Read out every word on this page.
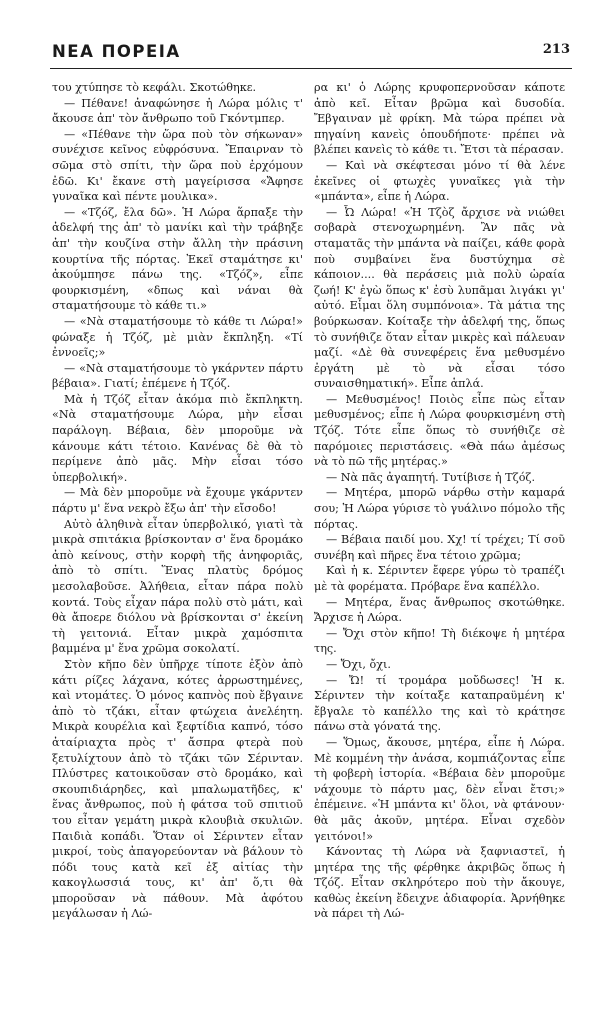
ΝΕΑ ΠΟΡΕΙΑ	213

του χτύπησε τὸ κεφάλι. Σκοτώθηκε.

— Πέθανε! ἀναφώνησε ἡ Λώρα μόλις τ' ἄκουσε ἀπ' τὸν ἄνθρωπο τοῦ Γκόντμπερ.

— «Πέθανε τὴν ὥρα ποὺ τὸν σήκωναν» συνέχισε κεῖνος εὐφρόσυνα. Ἔπαιρναν τὸ σῶμα στὸ σπίτι, τὴν ὥρα ποὺ ἐρχόμουν ἐδῶ. Κι' ἔκανε στὴ μαγείρισσα «Ἄφησε γυναῖκα καὶ πέντε μουλικα».

— «Τζόζ, ἔλα δῶ». Ἡ Λώρα ἅρπαξε τὴν ἀδελφή της ἀπ' τὸ μανίκι καὶ τὴν τράβηξε ἀπ' τὴν κουζίνα στὴν ἄλλη τὴν πράσινη κουρτίνα τῆς πόρτας. Ἐκεῖ σταμάτησε κι' ἀκούμπησε πάνω της. «Τζόζ», εἶπε φουρκισμένη, «δπως καὶ νάναι θὰ σταματήσουμε τὸ κάθε τι.»

— «Νὰ σταματήσουμε τὸ κάθε τι Λώρα!» φώναξε ἡ Τζόζ, μὲ μιὰν ἔκπληξη. «Τί ἐννοεῖς;»

— «Νὰ σταματήσουμε τὸ γκάρντεν πάρτυ βέβαια». Γιατί; ἐπέμενε ἡ Τζόζ.

Μὰ ἡ Τζόζ εἶταν ἀκόμα πιὸ ἔκπληκτη. «Νὰ σταματήσουμε Λώρα, μὴν εἶσαι παράλογη. Βέβαια, δὲν μποροῦμε νὰ κάνουμε κάτι τέτοιο. Κανένας δὲ θὰ τὸ περίμενε ἀπὸ μᾶς. Μὴν εἶσαι τόσο ὑπερβολική».

— Μὰ δὲν μποροῦμε νὰ ἔχουμε γκάρντεν πάρτυ μ' ἕνα νεκρὸ ἔξω ἀπ' τὴν εἴσοδο!

Αὐτὸ ἀληθινὰ εἶταν ὑπερβολικό, γιατὶ τὰ μικρὰ σπιτάκια βρίσκονταν σ' ἕνα δρομάκο ἀπὸ κείνους, στὴν κορφὴ τῆς ἀνηφοριᾶς, ἀπὸ τὸ σπίτι. Ἕνας πλατὺς δρόμος μεσολαβοῦσε. Ἀλήθεια, εἶταν πάρα πολὺ κοντά. Τοὺς εἶχαν πάρα πολὺ στὸ μάτι, καὶ θὰ ἄποερε διόλου νὰ βρίσκονται σ' ἐκείνη τὴ γειτονιά. Εἶταν μικρὰ χαμόσπιτα βαμμένα μ' ἕνα χρῶμα σοκολατί.

Στὸν κῆπο δὲν ὑπῆρχε τίποτε ἐξὸν ἀπὸ κάτι ρίζες λάχανα, κότες ἀρρωστημένες, καὶ ντομάτες. Ὁ μόνος καπνὸς ποὺ ἔβγαινε ἀπὸ τὸ τζάκι, εἶταν φτώχεια ἀνελέητη. Μικρὰ κουρέλια καὶ ξεφτίδια καπνό, τόσο ἀταίριαχτα πρὸς τ' ἄσπρα φτερὰ ποὺ ξετυλίχτουν ἀπὸ τὸ τζάκι τῶν Σέρινταν. Πλύστρες κατοικοῦσαν στὸ δρομάκο, καὶ σκουπιδιάρηδες, καὶ μπαλωματῆδες, κ' ἕνας ἄνθρωπος, ποὺ ἡ φάτσα τοῦ σπιτιοῦ του εἶταν γεμάτη μικρὰ κλουβιὰ σκυλιῶν. Παιδιὰ κοπάδι. Ὅταν οἱ Σέριντεν εἶταν μικροί, τοὺς ἀπαγορεύονταν νὰ βάλουν τὸ πόδι τους κατὰ κεῖ ἐξ αἰτίας τὴν κακογλωσσιά τους, κι' ἀπ' ὅ,τι θὰ μποροῦσαν νὰ πάθουν. Μὰ ἀφότου μεγάλωσαν ἡ Λώ-

ρα κι' ὁ Λώρης κρυφοπερνοῦσαν κάποτε ἀπὸ κεῖ. Εἶταν βρῶμα καὶ δυσοδία. Ἔβγαιναν μὲ φρίκη. Μὰ τώρα πρέπει νὰ πηγαίνη κανεὶς ὁπουδήποτε· πρέπει νὰ βλέπει κανεὶς τὸ κάθε τι. Ἔτσι τὰ πέρασαν.

— Καὶ νὰ σκέφτεσαι μόνο τί θὰ λένε ἐκεῖνες οἱ φτωχὲς γυναῖκες γιὰ τὴν «μπάντα», εἶπε ἡ Λώρα.

— Ὦ Λώρα! «Ἡ Τζὸζ ἄρχισε νὰ νιώθει σοβαρὰ στενοχωρημένη. Ἂν πᾶς νὰ σταματᾶς τὴν μπάντα νὰ παίζει, κάθε φορὰ ποὺ συμβαίνει ἕνα δυστύχημα σὲ κάποιον.... θὰ περάσεις μιὰ πολὺ ὡραία ζωή! Κ' ἐγὼ ὅπως κ' ἐσὺ λυπᾶμαι λιγάκι γι' αὐτό. Εἶμαι ὅλη συμπόνοια». Τὰ μάτια της βούρκωσαν. Κοίταξε τὴν ἀδελφή της, ὅπως τὸ συνήθιζε ὅταν εἶταν μικρὲς καὶ πάλευαν μαζί. «Δὲ θὰ συνεφέρεις ἕνα μεθυσμένο ἐργάτη μὲ τὸ νὰ εἶσαι τόσο συναισθηματική». Εἶπε ἁπλά.

— Μεθυσμένος! Ποιὸς εἶπε πὼς εἶταν μεθυσμένος; εἶπε ἡ Λώρα φουρκισμένη στὴ Τζόζ. Τότε εἶπε ὅπως τὸ συνήθιζε σὲ παρόμοιες περιστάσεις. «Θὰ πάω ἀμέσως νὰ τὸ πῶ τῆς μητέρας.»

— Νὰ πᾶς ἀγαπητή. Τυτίβισε ἡ Τζόζ.

— Μητέρα, μπορῶ νάρθω στὴν καμαρά σου; Ἡ Λώρα γύρισε τὸ γυάλινο πόμολο τῆς πόρτας.

— Βέβαια παιδί μου. Χχ! τί τρέχει; Τί σοῦ συνέβη καὶ πῆρες ἕνα τέτοιο χρῶμα;

Καὶ ἡ κ. Σέριντεν ἔφερε γύρω τὸ τραπέζι μὲ τὰ φορέματα. Πρόβαρε ἕνα καπέλλο.

— Μητέρα, ἕνας ἄνθρωπος σκοτώθηκε. Ἄρχισε ἡ Λώρα.

— Ὄχι στὸν κῆπο! Τὴ διέκοψε ἡ μητέρα της.

— Ὄχι, ὄχι.

— Ὤ! τί τρομάρα μοὔδωσες! Ἡ κ. Σέριντεν τὴν κοίταξε καταπραϋμένη κ' ἔβγαλε τὸ καπέλλο της καὶ τὸ κράτησε πάνω στὰ γόνατά της.

— Ὅμως, ἄκουσε, μητέρα, εἶπε ἡ Λώρα. Μὲ κομμένη τὴν ἀνάσα, κομπιάζοντας εἶπε τὴ φοβερὴ ἱστορία. «Βέβαια δὲν μποροῦμε νάχουμε τὸ πάρτυ μας, δὲν εἶναι ἔτσι;» ἐπέμεινε. «Ἡ μπάντα κι' ὅλοι, νὰ φτάνουν· θὰ μᾶς ἀκοῦν, μητέρα. Εἶναι σχεδὸν γειτόνοι!»

Κάνοντας τὴ Λώρα νὰ ξαφνιαστεῖ, ἡ μητέρα της τῆς φέρθηκε ἀκριβῶς ὅπως ἡ Τζόζ. Εἶταν σκληρότερο ποὺ τὴν ἄκουγε, καθὼς ἐκείνη ἔδειχνε ἀδιαφορία. Ἀρνήθηκε νὰ πάρει τὴ Λώ-
